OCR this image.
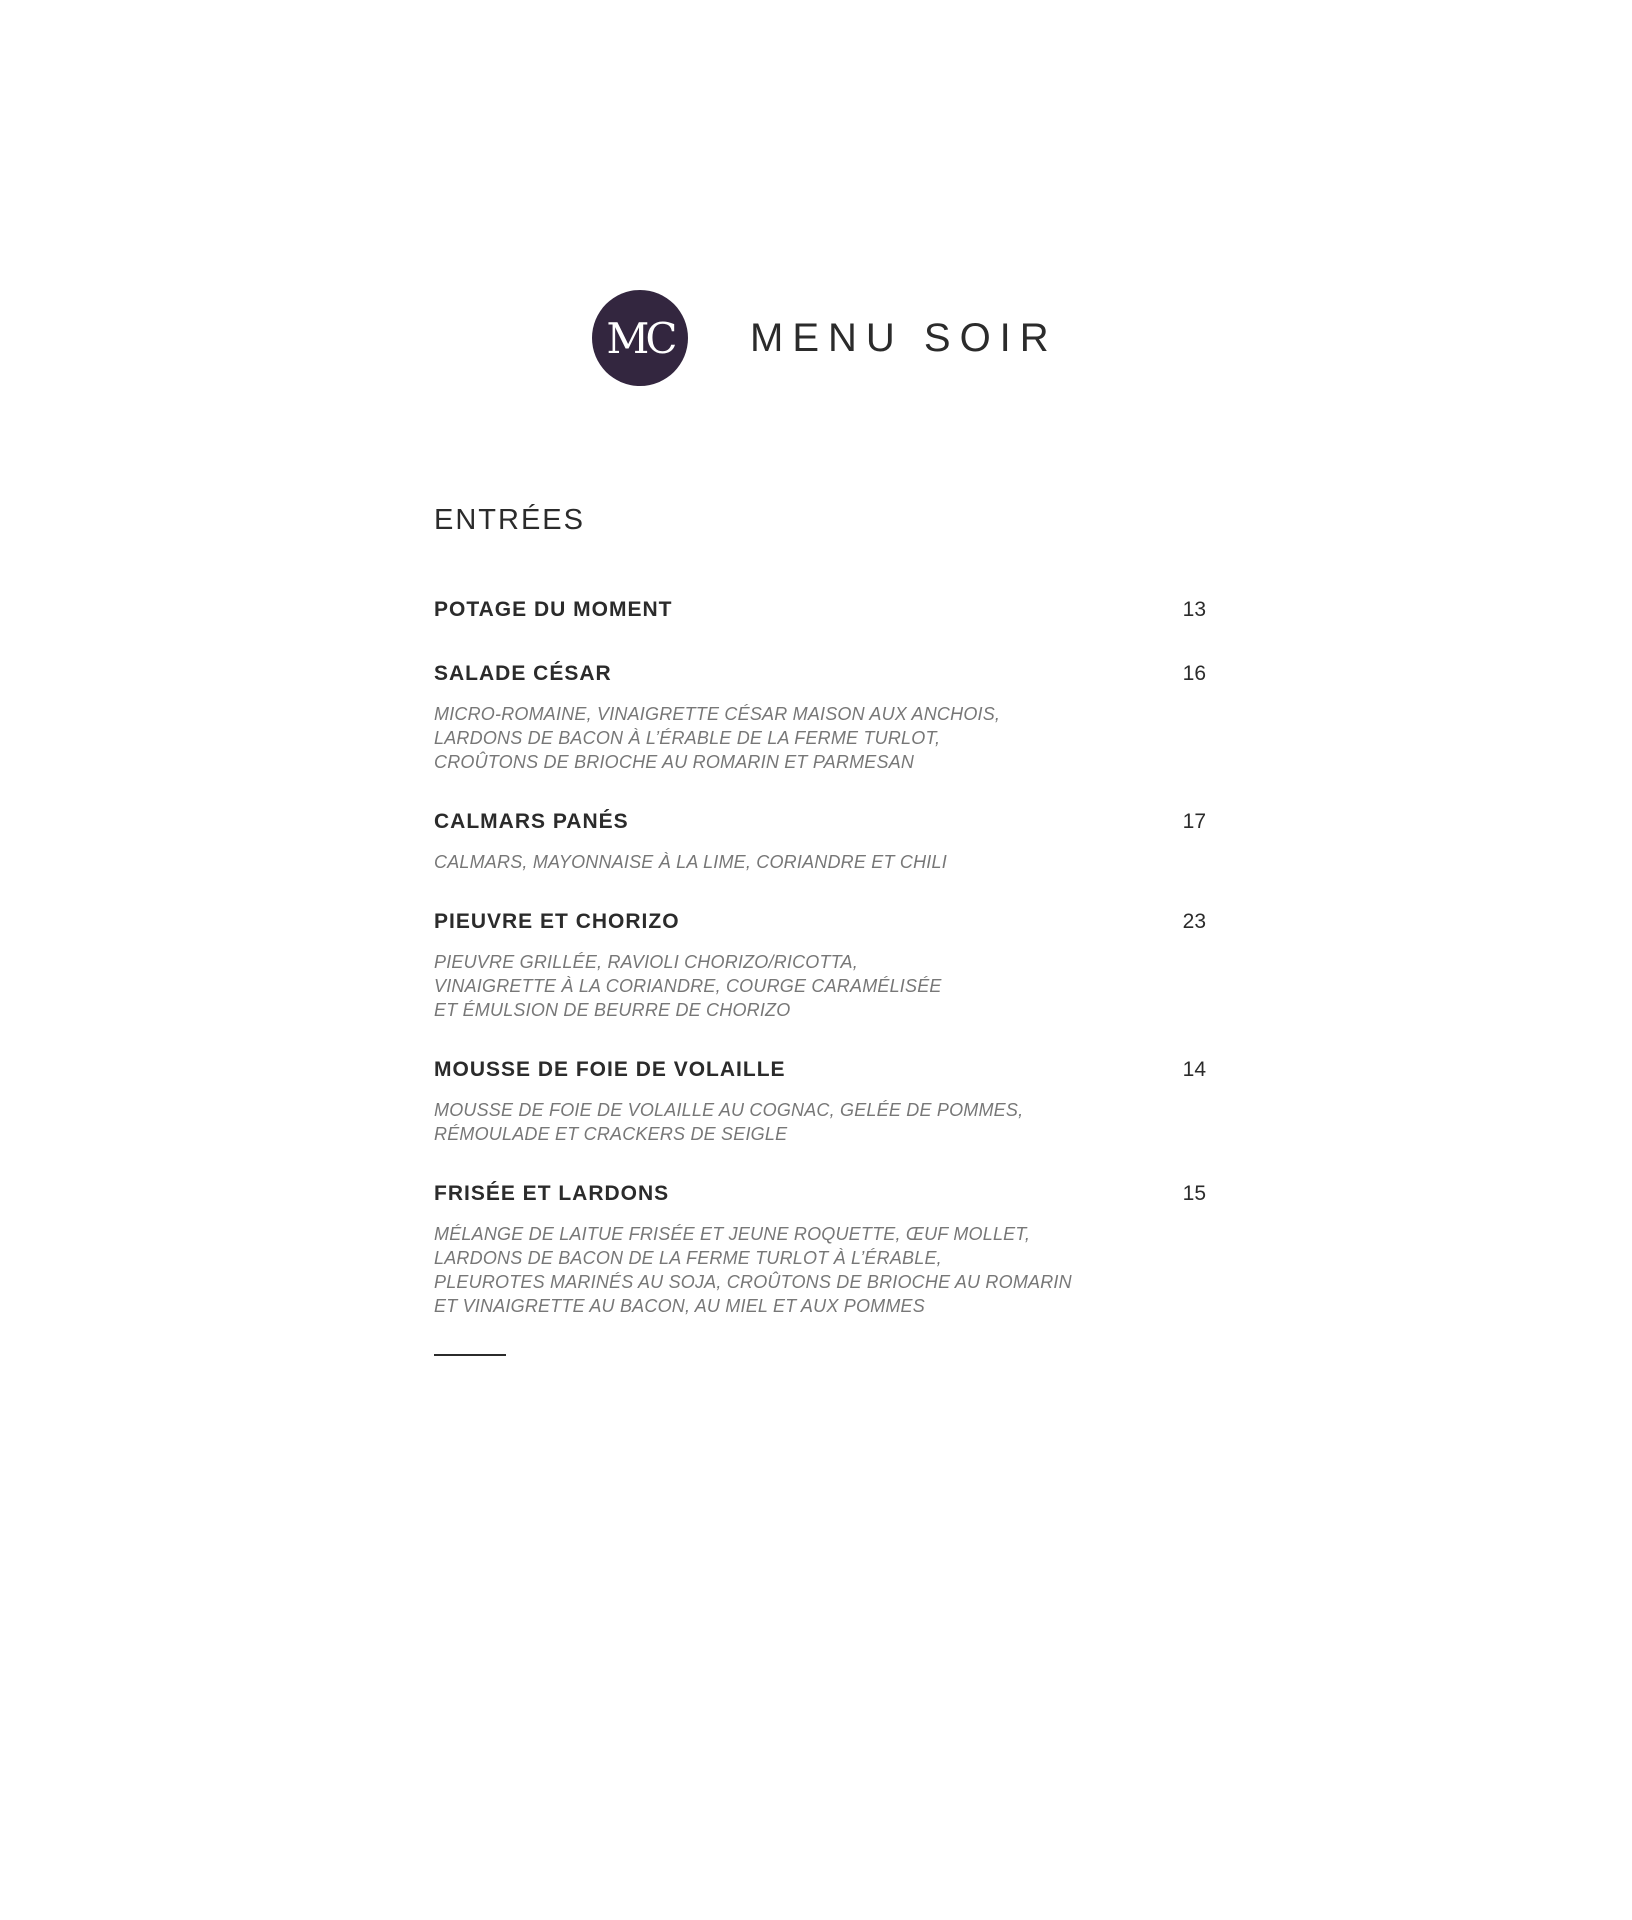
MC MENU SOIR
ENTRÉES
POTAGE DU MOMENT	13
SALADE CÉSAR	16
MICRO-ROMAINE, VINAIGRETTE CÉSAR MAISON AUX ANCHOIS,
LARDONS DE BACON À L’ÉRABLE DE LA FERME TURLOT,
CROÛTONS DE BRIOCHE AU ROMARIN ET PARMESAN
CALMARS PANÉS	17
CALMARS, MAYONNAISE À LA LIME, CORIANDRE ET CHILI
PIEUVRE ET CHORIZO	23
PIEUVRE GRILLÉE, RAVIOLI CHORIZO/RICOTTA,
VINAIGRETTE À LA CORIANDRE, COURGE CARAMÉLISÉE
ET ÉMULSION DE BEURRE DE CHORIZO
MOUSSE DE FOIE DE VOLAILLE	14
MOUSSE DE FOIE DE VOLAILLE AU COGNAC, GELÉE DE POMMES,
RÉMOULADE ET CRACKERS DE SEIGLE
FRISÉE ET LARDONS	15
MÉLANGE DE LAITUE FRISÉE ET JEUNE ROQUETTE, ŒUF MOLLET,
LARDONS DE BACON DE LA FERME TURLOT À L’ÉRABLE,
PLEUROTES MARINÉS AU SOJA, CROÛTONS DE BRIOCHE AU ROMARIN
ET VINAIGRETTE AU BACON, AU MIEL ET AUX POMMES
